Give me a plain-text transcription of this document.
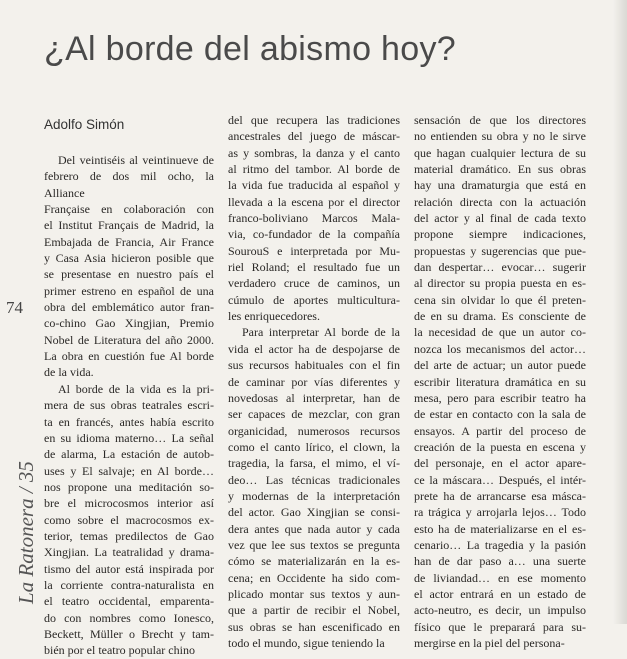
¿Al borde del abismo hoy?
Adolfo Simón
74
La Ratonera / 35
Del veintiséis al veintinueve de
febrero de dos mil ocho, la Alliance
Française en colaboración con
el Institut Français de Madrid, la
Embajada de Francia, Air France
y Casa Asia hicieron posible que
se presentase en nuestro país el
primer estreno en español de una
obra del emblemático autor fran-
co-chino Gao Xingjian, Premio
Nobel de Literatura del año 2000.
La obra en cuestión fue Al borde
de la vida.
Al borde de la vida es la pri-
mera de sus obras teatrales escri-
ta en francés, antes había escrito
en su idioma materno… La señal
de alarma, La estación de autob-
uses y El salvaje; en Al borde…
nos propone una meditación so-
bre el microcosmos interior así
como sobre el macrocosmos ex-
terior, temas predilectos de Gao
Xingjian. La teatralidad y drama-
tismo del autor está inspirada por
la corriente contra-naturalista en
el teatro occidental, emparenta-
do con nombres como Ionesco,
Beckett, Müller o Brecht y tam-
bién por el teatro popular chino
del que recupera las tradiciones
ancestrales del juego de máscar-
as y sombras, la danza y el canto
al ritmo del tambor. Al borde de
la vida fue traducida al español y
llevada a la escena por el director
franco-boliviano Marcos Mala-
via, co-fundador de la compañía
SourouS e interpretada por Mu-
riel Roland; el resultado fue un
verdadero cruce de caminos, un
cúmulo de aportes multicultura-
les enriquecedores.
Para interpretar Al borde de la
vida el actor ha de despojarse de
sus recursos habituales con el fin
de caminar por vías diferentes y
novedosas al interpretar, han de
ser capaces de mezclar, con gran
organicidad, numerosos recursos
como el canto lírico, el clown, la
tragedia, la farsa, el mimo, el ví-
deo… Las técnicas tradicionales
y modernas de la interpretación
del actor. Gao Xingjian se consi-
dera antes que nada autor y cada
vez que lee sus textos se pregunta
cómo se materializarán en la es-
cena; en Occidente ha sido com-
plicado montar sus textos y aun-
que a partir de recibir el Nobel,
sus obras se han escenificado en
todo el mundo, sigue teniendo la
sensación de que los directores
no entienden su obra y no le sirve
que hagan cualquier lectura de su
material dramático. En sus obras
hay una dramaturgia que está en
relación directa con la actuación
del actor y al final de cada texto
propone siempre indicaciones,
propuestas y sugerencias que pue-
dan despertar… evocar… sugerir
al director su propia puesta en es-
cena sin olvidar lo que él preten-
de en su drama. Es consciente de
la necesidad de que un autor co-
nozca los mecanismos del actor…
del arte de actuar; un autor puede
escribir literatura dramática en su
mesa, pero para escribir teatro ha
de estar en contacto con la sala de
ensayos. A partir del proceso de
creación de la puesta en escena y
del personaje, en el actor apare-
ce la máscara… Después, el intér-
prete ha de arrancarse esa másca-
ra trágica y arrojarla lejos… Todo
esto ha de materializarse en el es-
cenario… La tragedia y la pasión
han de dar paso a… una suerte
de liviandad… en ese momento
el actor entrará en un estado de
acto-neutro, es decir, un impulso
físico que le preparará para su-
mergirse en la piel del persona-
